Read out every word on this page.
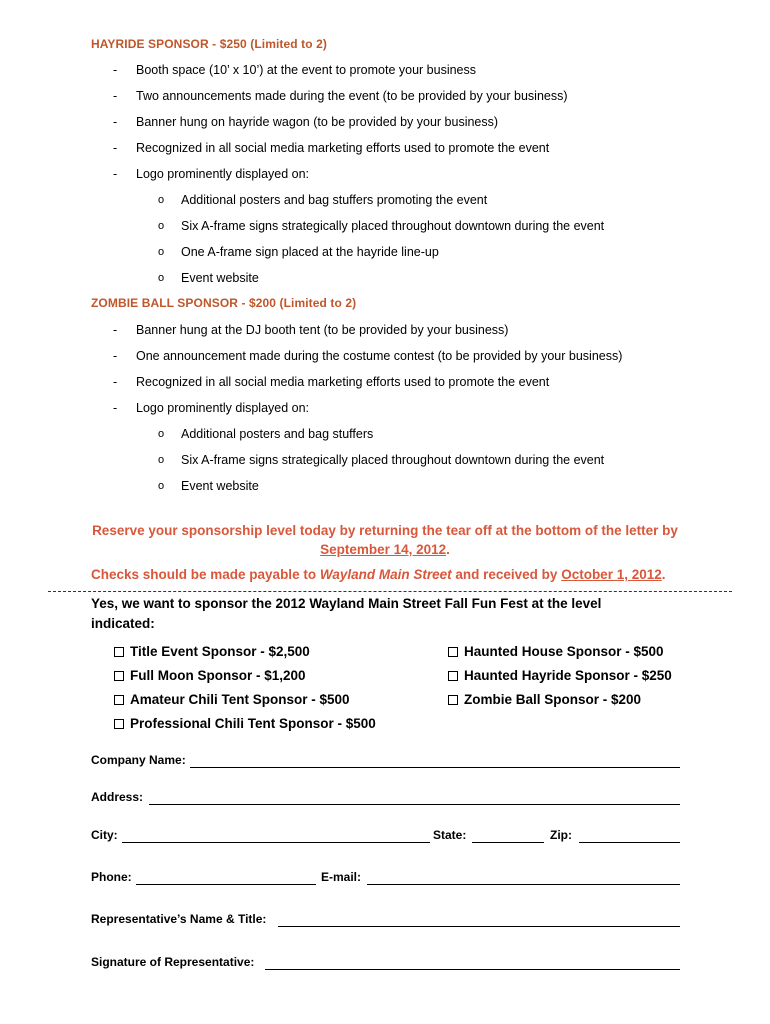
HAYRIDE SPONSOR - $250 (Limited to 2)
- Booth space (10’ x 10’) at the event to promote your business
- Two announcements made during the event (to be provided by your business)
- Banner hung on hayride wagon (to be provided by your business)
- Recognized in all social media marketing efforts used to promote the event
- Logo prominently displayed on:
o Additional posters and bag stuffers promoting the event
o Six A-frame signs strategically placed throughout downtown during the event
o One A-frame sign placed at the hayride line-up
o Event website
ZOMBIE BALL SPONSOR - $200 (Limited to 2)
- Banner hung at the DJ booth tent (to be provided by your business)
- One announcement made during the costume contest (to be provided by your business)
- Recognized in all social media marketing efforts used to promote the event
- Logo prominently displayed on:
o Additional posters and bag stuffers
o Six A-frame signs strategically placed throughout downtown during the event
o Event website
Reserve your sponsorship level today by returning the tear off at the bottom of the letter by
September 14, 2012.
Checks should be made payable to Wayland Main Street and received by October 1, 2012.
Yes, we want to sponsor the 2012 Wayland Main Street Fall Fun Fest at the level indicated:
Title Event Sponsor - $2,500
Full Moon Sponsor - $1,200
Amateur Chili Tent Sponsor - $500
Professional Chili Tent Sponsor - $500
Haunted House Sponsor - $500
Haunted Hayride Sponsor - $250
Zombie Ball Sponsor - $200
Company Name:
Address:
City:	State:	Zip:
Phone:	E-mail:
Representative’s Name & Title:
Signature of Representative:
